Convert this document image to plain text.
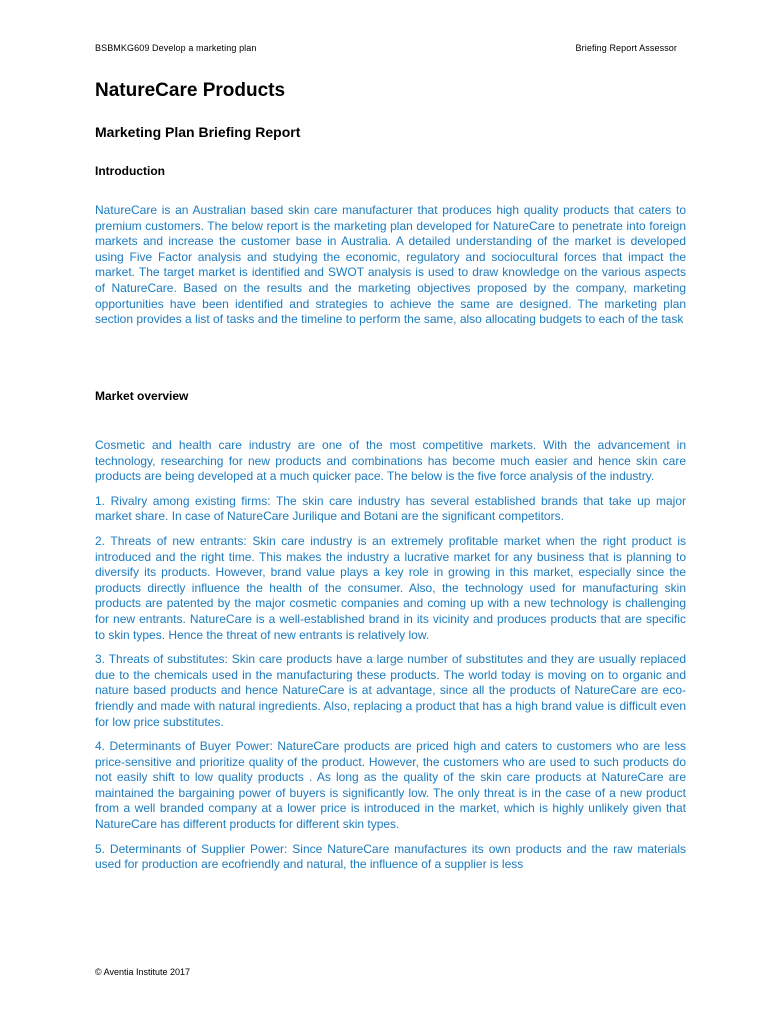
BSBMKG609 Develop a marketing plan	Briefing Report Assessor
NatureCare Products
Marketing Plan Briefing Report
Introduction

NatureCare is an Australian based skin care manufacturer that produces high quality products that caters to premium customers. The below report is the marketing plan developed for NatureCare to penetrate into foreign markets and increase the customer base in Australia. A detailed understanding of the market is developed using Five Factor analysis and studying the economic, regulatory and sociocultural forces that impact the market. The target market is identified and SWOT analysis is used to draw knowledge on the various aspects of NatureCare. Based on the results and the marketing objectives proposed by the company, marketing opportunities have been identified and strategies to achieve the same are designed. The marketing plan section provides a list of tasks and the timeline to perform the same, also allocating budgets to each of the task

Market overview

Cosmetic and health care industry are one of the most competitive markets. With the advancement in technology, researching for new products and combinations has become much easier and hence skin care products are being developed at a much quicker pace. The below is the five force analysis of the industry.

1. Rivalry among existing firms: The skin care industry has several established brands that take up major market share. In case of NatureCare Jurilique and Botani are the significant competitors.

2. Threats of new entrants: Skin care industry is an extremely profitable market when the right product is introduced and the right time. This makes the industry a lucrative market for any business that is planning to diversify its products. However, brand value plays a key role in growing in this market, especially since the products directly influence the health of the consumer. Also, the technology used for manufacturing skin products are patented by the major cosmetic companies and coming up with a new technology is challenging for new entrants. NatureCare is a well-established brand in its vicinity and produces products that are specific to skin types. Hence the threat of new entrants is relatively low.

3. Threats of substitutes: Skin care products have a large number of substitutes and they are usually replaced due to the chemicals used in the manufacturing these products. The world today is moving on to organic and nature based products and hence NatureCare is at advantage, since all the products of NatureCare are eco-friendly and made with natural ingredients. Also, replacing a product that has a high brand value is difficult even for low price substitutes.

4. Determinants of Buyer Power: NatureCare products are priced high and caters to customers who are less price-sensitive and prioritize quality of the product. However, the customers who are used to such products do not easily shift to low quality products . As long as the quality of the skin care products at NatureCare are maintained the bargaining power of buyers is significantly low. The only threat is in the case of a new product from a well branded company at a lower price is introduced in the market, which is highly unlikely given that NatureCare has different products for different skin types.

5. Determinants of Supplier Power: Since NatureCare manufactures its own products and the raw materials used for production are ecofriendly and natural, the influence of a supplier is less

© Aventia Institute 2017
